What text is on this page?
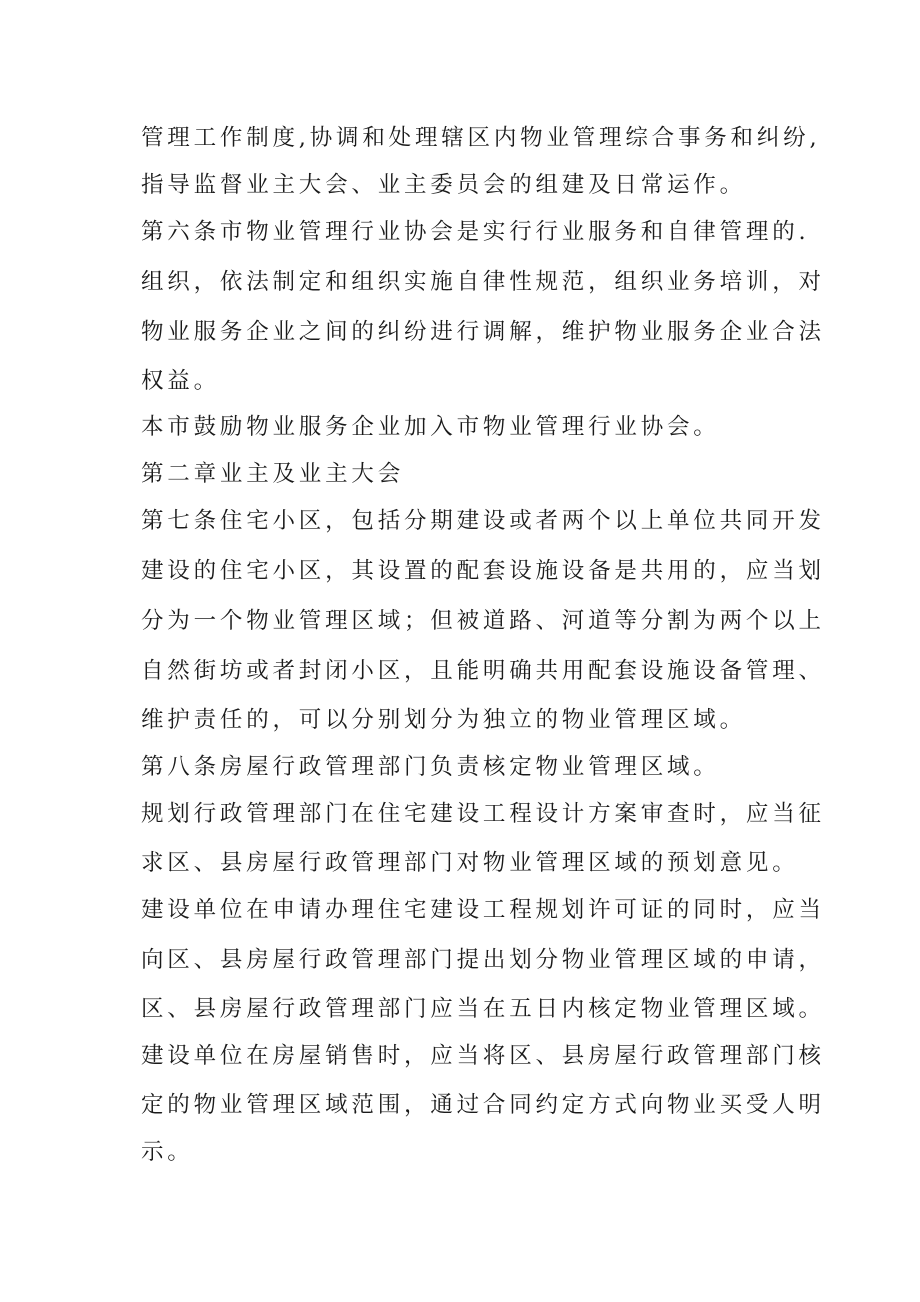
管理工作制度,协调和处理辖区内物业管理综合事务和纠纷,

指导监督业主大会、业主委员会的组建及日常运作。

第六条市物业管理行业协会是实行行业服务和自律管理的.

组织，依法制定和组织实施自律性规范，组织业务培训，对

物业服务企业之间的纠纷进行调解，维护物业服务企业合法

权益。

本市鼓励物业服务企业加入市物业管理行业协会。

第二章业主及业主大会

第七条住宅小区，包括分期建设或者两个以上单位共同开发

建设的住宅小区，其设置的配套设施设备是共用的，应当划

分为一个物业管理区域；但被道路、河道等分割为两个以上

自然街坊或者封闭小区，且能明确共用配套设施设备管理、

维护责任的，可以分别划分为独立的物业管理区域。

第八条房屋行政管理部门负责核定物业管理区域。

规划行政管理部门在住宅建设工程设计方案审查时，应当征

求区、县房屋行政管理部门对物业管理区域的预划意见。

建设单位在申请办理住宅建设工程规划许可证的同时，应当

向区、县房屋行政管理部门提出划分物业管理区域的申请，

区、县房屋行政管理部门应当在五日内核定物业管理区域。

建设单位在房屋销售时，应当将区、县房屋行政管理部门核

定的物业管理区域范围，通过合同约定方式向物业买受人明

示。
